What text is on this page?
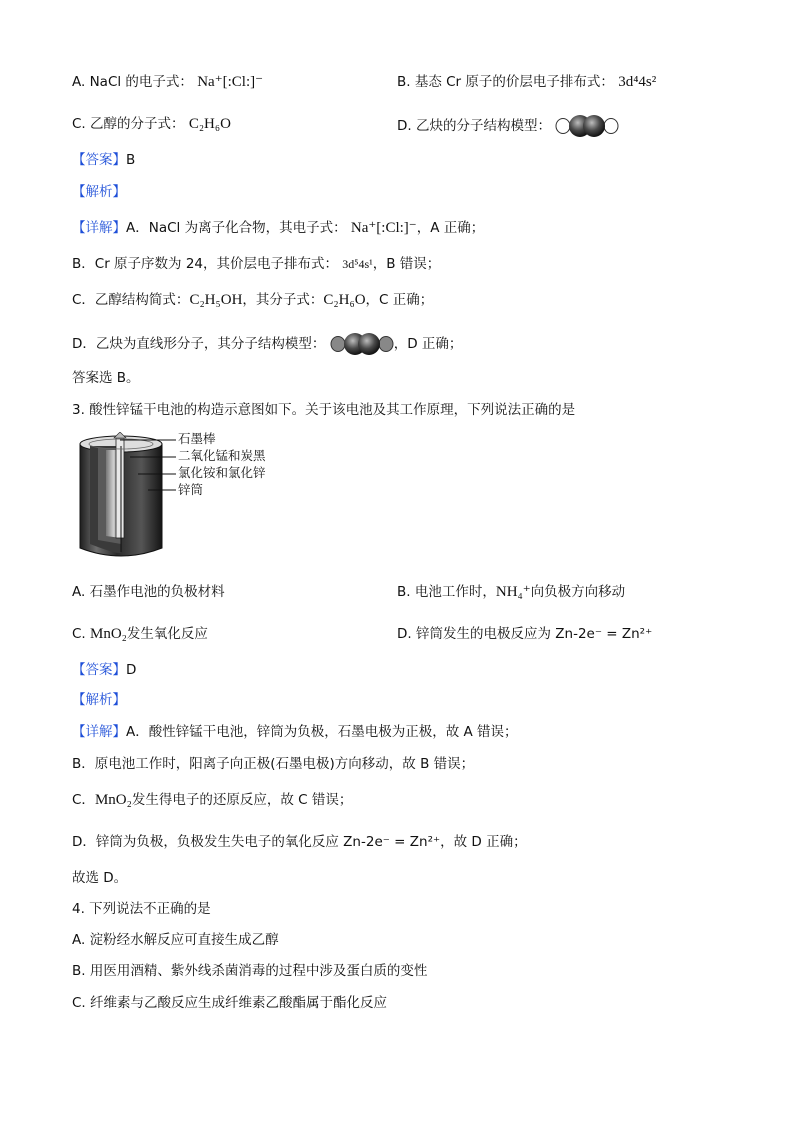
A. NaCl 的电子式： Na⁺[:Cl:]⁻	B. 基态 Cr 原子的价层电子排布式： 3d⁴4s²
C. 乙醇的分子式： C₂H₆O	D. 乙炔的分子结构模型：
【答案】B
【解析】
【详解】A．NaCl 为离子化合物，其电子式： Na⁺[:Cl:]⁻，A 正确；
B．Cr 原子序数为 24，其价层电子排布式： 3d⁵4s¹，B 错误；
C．乙醇结构简式：C₂H₅OH，其分子式：C₂H₆O，C 正确；
D．乙炔为直线形分子，其分子结构模型：	，D 正确；
答案选 B。
3. 酸性锌锰干电池的构造示意图如下。关于该电池及其工作原理，下列说法正确的是
石墨棒
二氧化锰和炭黑
氯化铵和氯化锌
锌筒
A. 石墨作电池的负极材料	B. 电池工作时，NH₄⁺向负极方向移动
C. MnO₂发生氧化反应	D. 锌筒发生的电极反应为 Zn-2e⁻ = Zn²⁺
【答案】D
【解析】
【详解】A．酸性锌锰干电池，锌筒为负极，石墨电极为正极，故 A 错误；
B．原电池工作时，阳离子向正极(石墨电极)方向移动，故 B 错误；
C．MnO₂发生得电子的还原反应，故 C 错误；
D．锌筒为负极，负极发生失电子的氧化反应 Zn-2e⁻ = Zn²⁺，故 D 正确；
故选 D。
4. 下列说法不正确的是
A. 淀粉经水解反应可直接生成乙醇
B. 用医用酒精、紫外线杀菌消毒的过程中涉及蛋白质的变性
C. 纤维素与乙酸反应生成纤维素乙酸酯属于酯化反应
